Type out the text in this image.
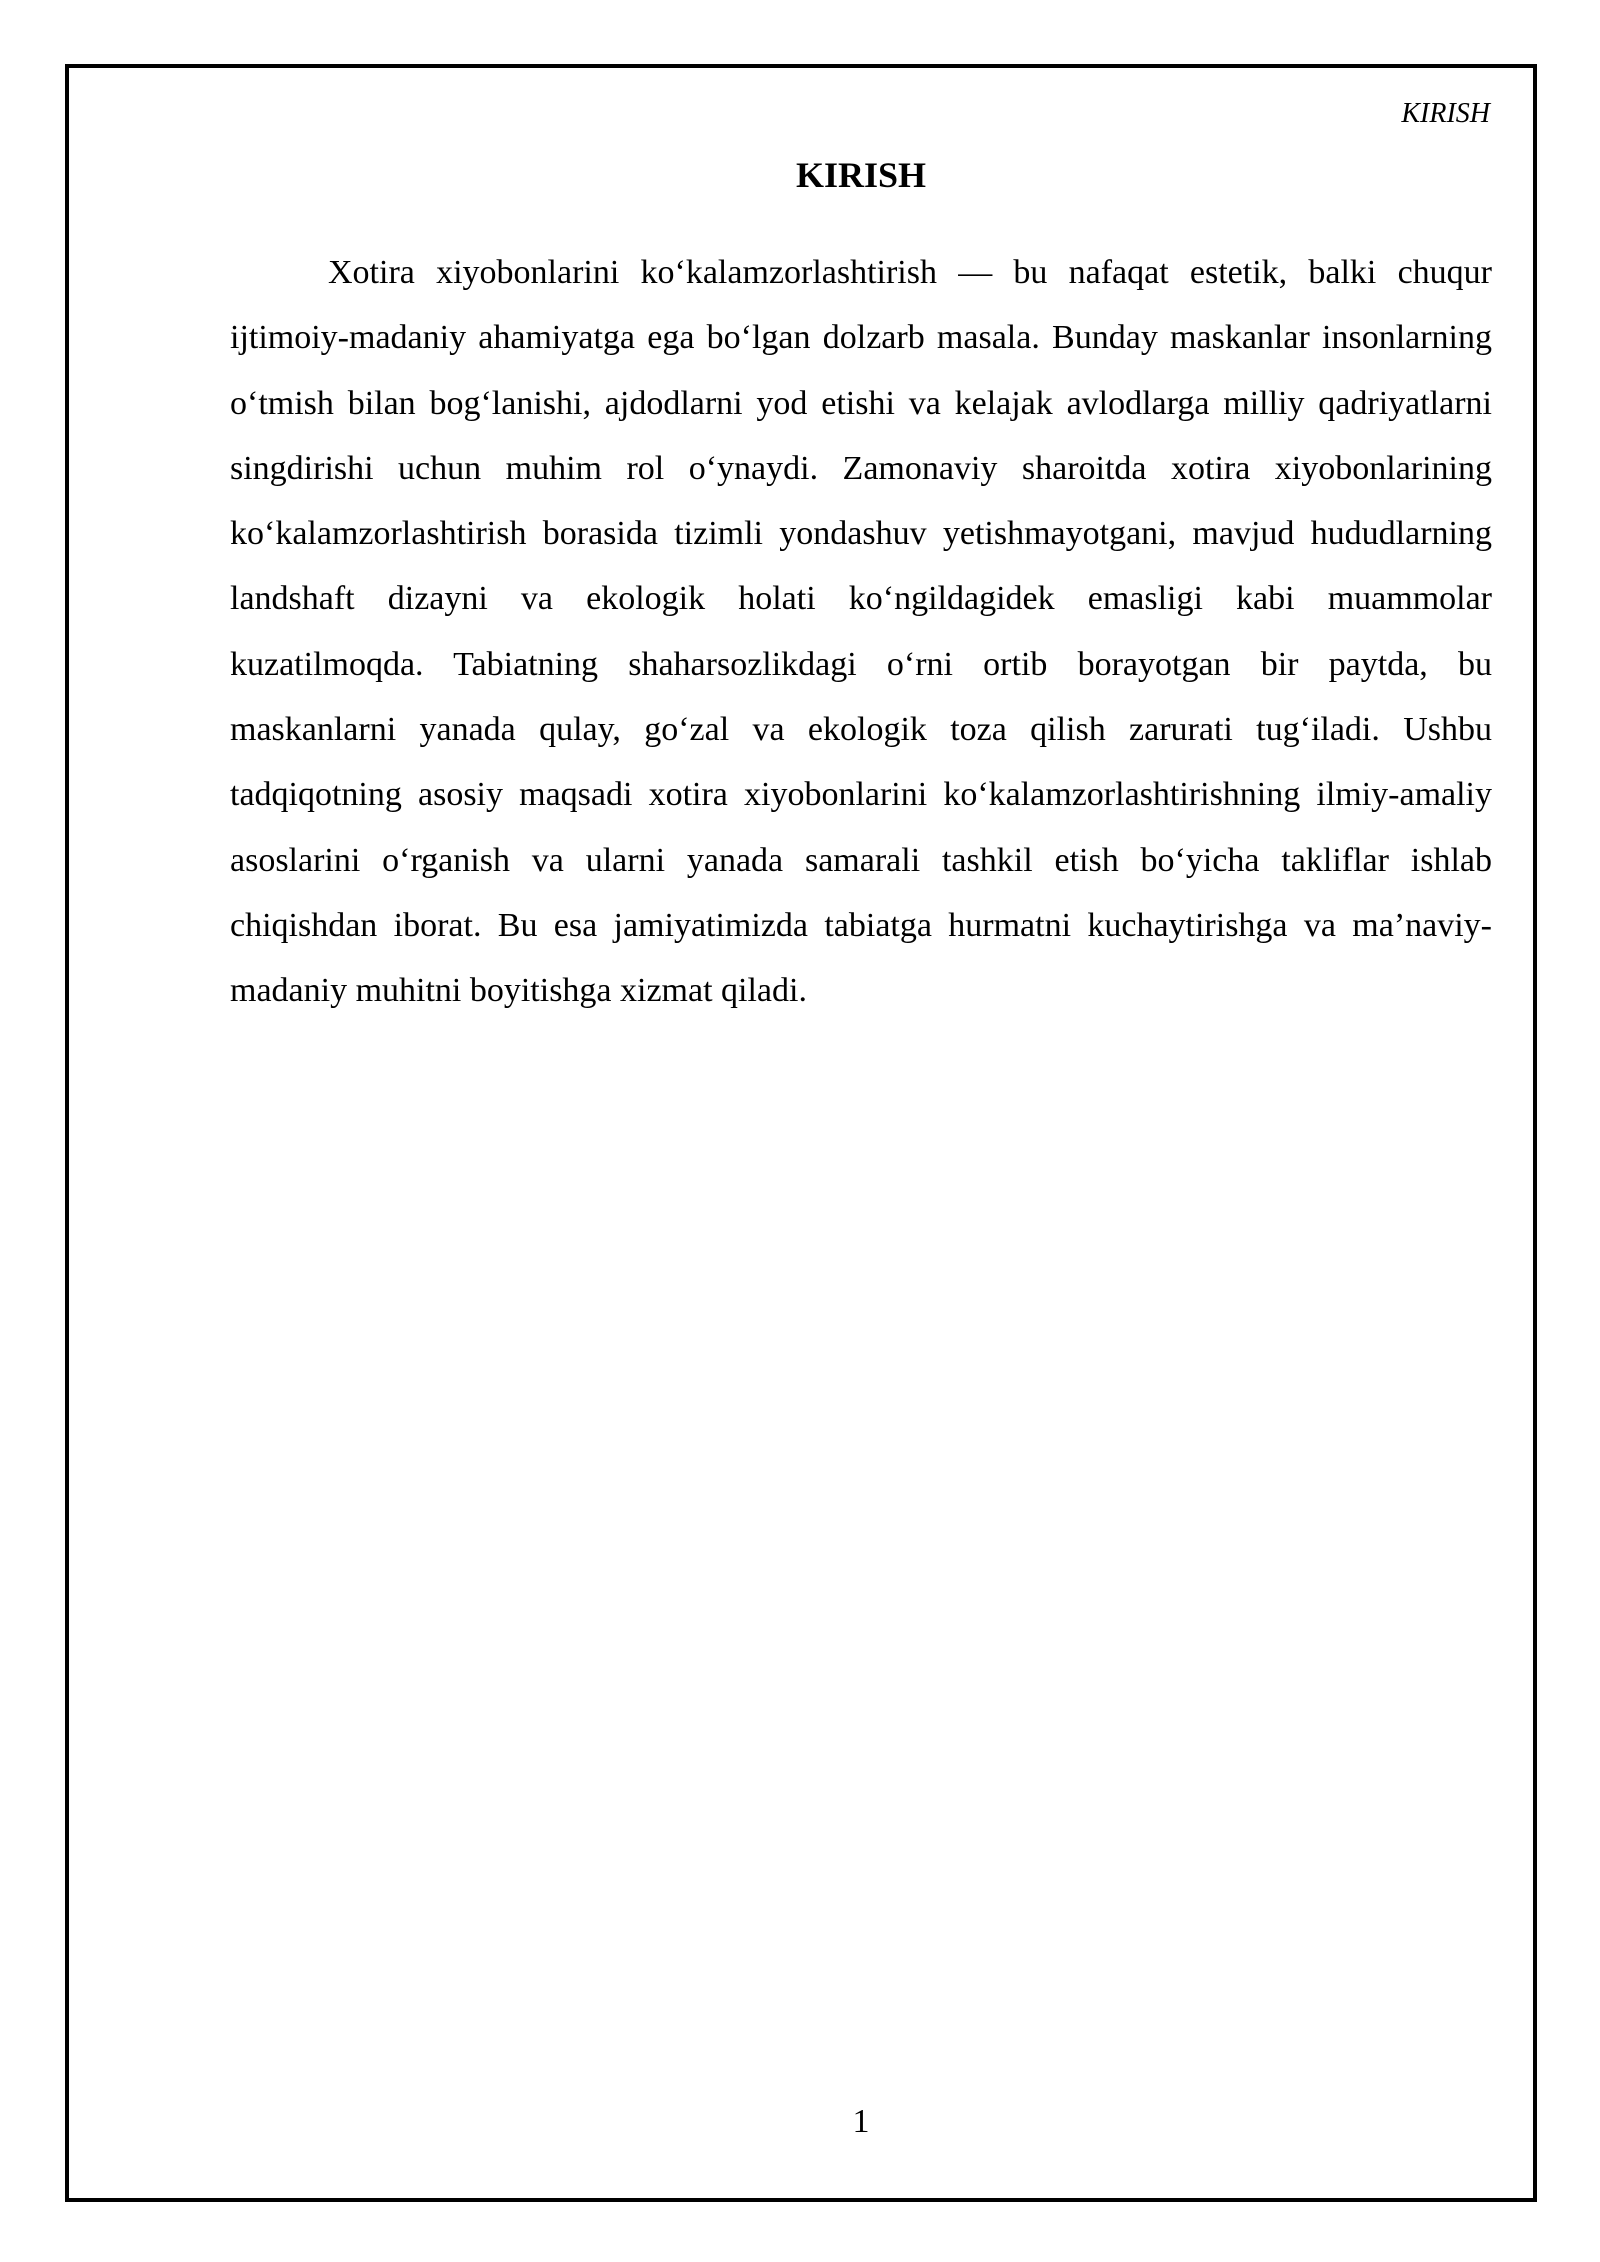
KIRISH
KIRISH

Xotira xiyobonlarini ko‘kalamzorlashtirish — bu nafaqat estetik, balki chuqur ijtimoiy-madaniy ahamiyatga ega bo‘lgan dolzarb masala. Bunday maskanlar insonlarning o‘tmish bilan bog‘lanishi, ajdodlarni yod etishi va kelajak avlodlarga milliy qadriyatlarni singdirishi uchun muhim rol o‘ynaydi. Zamonaviy sharoitda xotira xiyobonlarining ko‘kalamzorlashtirish borasida tizimli yondashuv yetishmayotgani, mavjud hududlarning landshaft dizayni va ekologik holati ko‘ngildagidek emasligi kabi muammolar kuzatilmoqda. Tabiatning shaharsozlikdagi o‘rni ortib borayotgan bir paytda, bu maskanlarni yanada qulay, go‘zal va ekologik toza qilish zarurati tug‘iladi. Ushbu tadqiqotning asosiy maqsadi xotira xiyobonlarini ko‘kalamzorlashtirishning ilmiy-amaliy asoslarini o‘rganish va ularni yanada samarali tashkil etish bo‘yicha takliflar ishlab chiqishdan iborat. Bu esa jamiyatimizda tabiatga hurmatni kuchaytirishga va ma’naviy-madaniy muhitni boyitishga xizmat qiladi.

1
